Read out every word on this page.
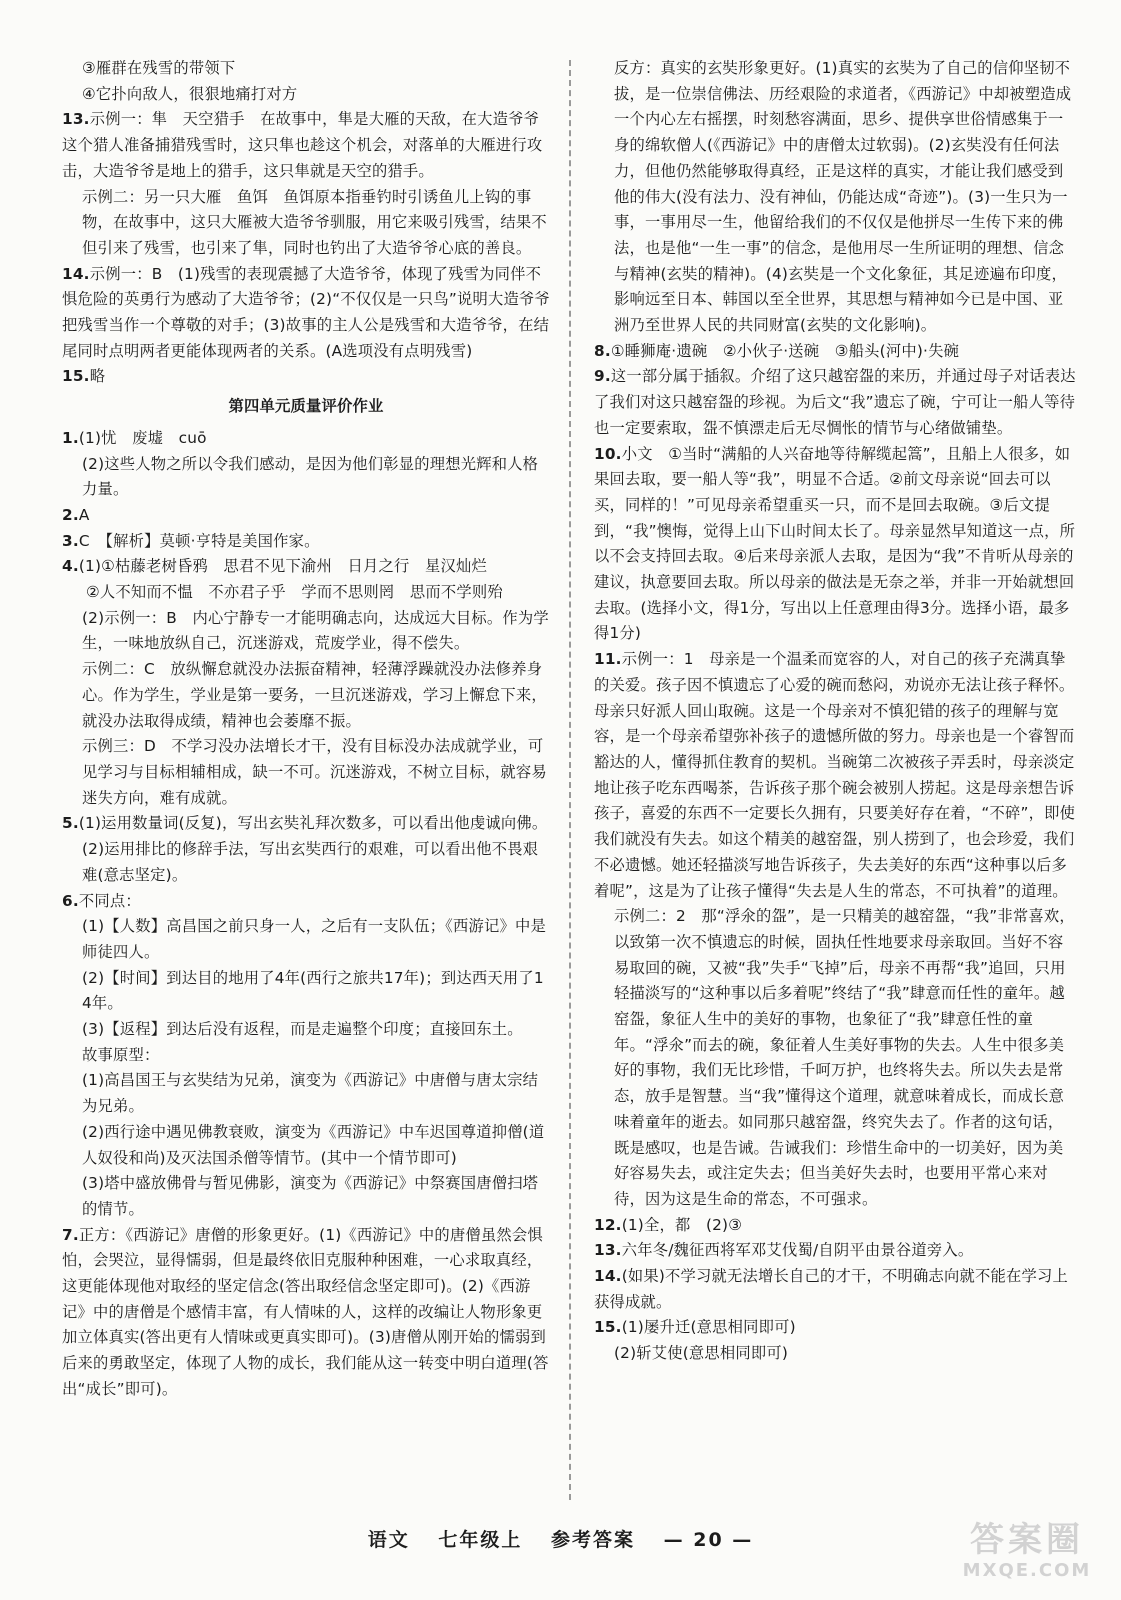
③雁群在残雪的带领下

④它扑向敌人，很狠地痛打对方

13.示例一：隼　天空猎手　在故事中，隼是大雁的天敌，在大造爷爷这个猎人准备捕猎残雪时，这只隼也趁这个机会，对落单的大雁进行攻击，大造爷爷是地上的猎手，这只隼就是天空的猎手。

示例二：另一只大雁　鱼饵　鱼饵原本指垂钓时引诱鱼儿上钩的事物，在故事中，这只大雁被大造爷爷驯服，用它来吸引残雪，结果不但引来了残雪，也引来了隼，同时也钓出了大造爷爷心底的善良。

14.示例一：B　(1)残雪的表现震撼了大造爷爷，体现了残雪为同伴不惧危险的英勇行为感动了大造爷爷；(2)“不仅仅是一只鸟”说明大造爷爷把残雪当作一个尊敬的对手；(3)故事的主人公是残雪和大造爷爷，在结尾同时点明两者更能体现两者的关系。(A选项没有点明残雪)

15.略

第四单元质量评价作业

1.(1)忧　废墟　cuō

(2)这些人物之所以令我们感动，是因为他们彰显的理想光辉和人格力量。

2.A

3.C　【解析】莫顿·亨特是美国作家。

4.(1)①枯藤老树昏鸦　思君不见下渝州　日月之行　星汉灿烂

②人不知而不愠　不亦君子乎　学而不思则罔　思而不学则殆

(2)示例一：B　内心宁静专一才能明确志向，达成远大目标。作为学生，一味地放纵自己，沉迷游戏，荒废学业，得不偿失。

示例二：C　放纵懈怠就没办法振奋精神，轻薄浮躁就没办法修养身心。作为学生，学业是第一要务，一旦沉迷游戏，学习上懈怠下来，就没办法取得成绩，精神也会萎靡不振。

示例三：D　不学习没办法增长才干，没有目标没办法成就学业，可见学习与目标相辅相成，缺一不可。沉迷游戏，不树立目标，就容易迷失方向，难有成就。

5.(1)运用数量词(反复)，写出玄奘礼拜次数多，可以看出他虔诚向佛。

(2)运用排比的修辞手法，写出玄奘西行的艰难，可以看出他不畏艰难(意志坚定)。

6.不同点：

(1)【人数】高昌国之前只身一人，之后有一支队伍；《西游记》中是师徒四人。

(2)【时间】到达目的地用了4年(西行之旅共17年)；到达西天用了14年。

(3)【返程】到达后没有返程，而是走遍整个印度；直接回东土。

故事原型：

(1)高昌国王与玄奘结为兄弟，演变为《西游记》中唐僧与唐太宗结为兄弟。

(2)西行途中遇见佛教衰败，演变为《西游记》中车迟国尊道抑僧(道人奴役和尚)及灭法国杀僧等情节。(其中一个情节即可)

(3)塔中盛放佛骨与暂见佛影，演变为《西游记》中祭赛国唐僧扫塔的情节。

7.正方：《西游记》唐僧的形象更好。(1)《西游记》中的唐僧虽然会惧怕，会哭泣，显得懦弱，但是最终依旧克服种种困难，一心求取真经，这更能体现他对取经的坚定信念(答出取经信念坚定即可)。(2)《西游记》中的唐僧是个感情丰富，有人情味的人，这样的改编让人物形象更加立体真实(答出更有人情味或更真实即可)。(3)唐僧从刚开始的懦弱到后来的勇敢坚定，体现了人物的成长，我们能从这一转变中明白道理(答出“成长”即可)。

反方：真实的玄奘形象更好。(1)真实的玄奘为了自己的信仰坚韧不拔，是一位崇信佛法、历经艰险的求道者，《西游记》中却被塑造成一个内心左右摇摆，时刻愁容满面，思乡、提供享世俗情感集于一身的绵软僧人(《西游记》中的唐僧太过软弱)。(2)玄奘没有任何法力，但他仍然能够取得真经，正是这样的真实，才能让我们感受到他的伟大(没有法力、没有神仙，仍能达成“奇迹”)。(3)一生只为一事，一事用尽一生，他留给我们的不仅仅是他拼尽一生传下来的佛法，也是他“一生一事”的信念，是他用尽一生所证明的理想、信念与精神(玄奘的精神)。(4)玄奘是一个文化象征，其足迹遍布印度，影响远至日本、韩国以至全世界，其思想与精神如今已是中国、亚洲乃至世界人民的共同财富(玄奘的文化影响)。

8.①睡狮庵·遗碗　②小伙子·送碗　③船头(河中)·失碗

9.这一部分属于插叙。介绍了这只越窑盌的来历，并通过母子对话表达了我们对这只越窑盌的珍视。为后文“我”遗忘了碗，宁可让一船人等待也一定要索取，盌不慎漂走后无尽惆怅的情节与心绪做铺垫。

10.小文　①当时“满船的人兴奋地等待解缆起篙”，且船上人很多，如果回去取，要一船人等“我”，明显不合适。②前文母亲说“回去可以买，同样的！”可见母亲希望重买一只，而不是回去取碗。③后文提到，“我”懊悔，觉得上山下山时间太长了。母亲显然早知道这一点，所以不会支持回去取。④后来母亲派人去取，是因为“我”不肯听从母亲的建议，执意要回去取。所以母亲的做法是无奈之举，并非一开始就想回去取。(选择小文，得1分，写出以上任意理由得3分。选择小语，最多得1分)

11.示例一：1　母亲是一个温柔而宽容的人，对自己的孩子充满真挚的关爱。孩子因不慎遗忘了心爱的碗而愁闷，劝说亦无法让孩子释怀。母亲只好派人回山取碗。这是一个母亲对不慎犯错的孩子的理解与宽容，是一个母亲希望弥补孩子的遗憾所做的努力。母亲也是一个睿智而豁达的人，懂得抓住教育的契机。当碗第二次被孩子弄丢时，母亲淡定地让孩子吃东西喝茶，告诉孩子那个碗会被别人捞起。这是母亲想告诉孩子，喜爱的东西不一定要长久拥有，只要美好存在着，“不碎”，即使我们就没有失去。如这个精美的越窑盌，别人捞到了，也会珍爱，我们不必遗憾。她还轻描淡写地告诉孩子，失去美好的东西“这种事以后多着呢”，这是为了让孩子懂得“失去是人生的常态，不可执着”的道理。

示例二：2　那“浮氽的盌”，是一只精美的越窑盌，“我”非常喜欢，以致第一次不慎遗忘的时候，固执任性地要求母亲取回。当好不容易取回的碗，又被“我”失手“飞掉”后，母亲不再帮“我”追回，只用轻描淡写的“这种事以后多着呢”终结了“我”肆意而任性的童年。越窑盌，象征人生中的美好的事物，也象征了“我”肆意任性的童年。“浮氽”而去的碗，象征着人生美好事物的失去。人生中很多美好的事物，我们无比珍惜，千呵万护，也终将失去。所以失去是常态，放手是智慧。当“我”懂得这个道理，就意味着成长，而成长意味着童年的逝去。如同那只越窑盌，终究失去了。作者的这句话，既是感叹，也是告诫。告诫我们：珍惜生命中的一切美好，因为美好容易失去，或注定失去；但当美好失去时，也要用平常心来对待，因为这是生命的常态，不可强求。

12.(1)全，都　(2)③

13.六年冬/魏征西将军邓艾伐蜀/自阴平由景谷道旁入。

14.(如果)不学习就无法增长自己的才干，不明确志向就不能在学习上获得成就。

15.(1)屡升迁(意思相同即可)

(2)斩艾使(意思相同即可)

语文 七年级上 参考答案 — 20 —	答案圈
MXQE.COM
